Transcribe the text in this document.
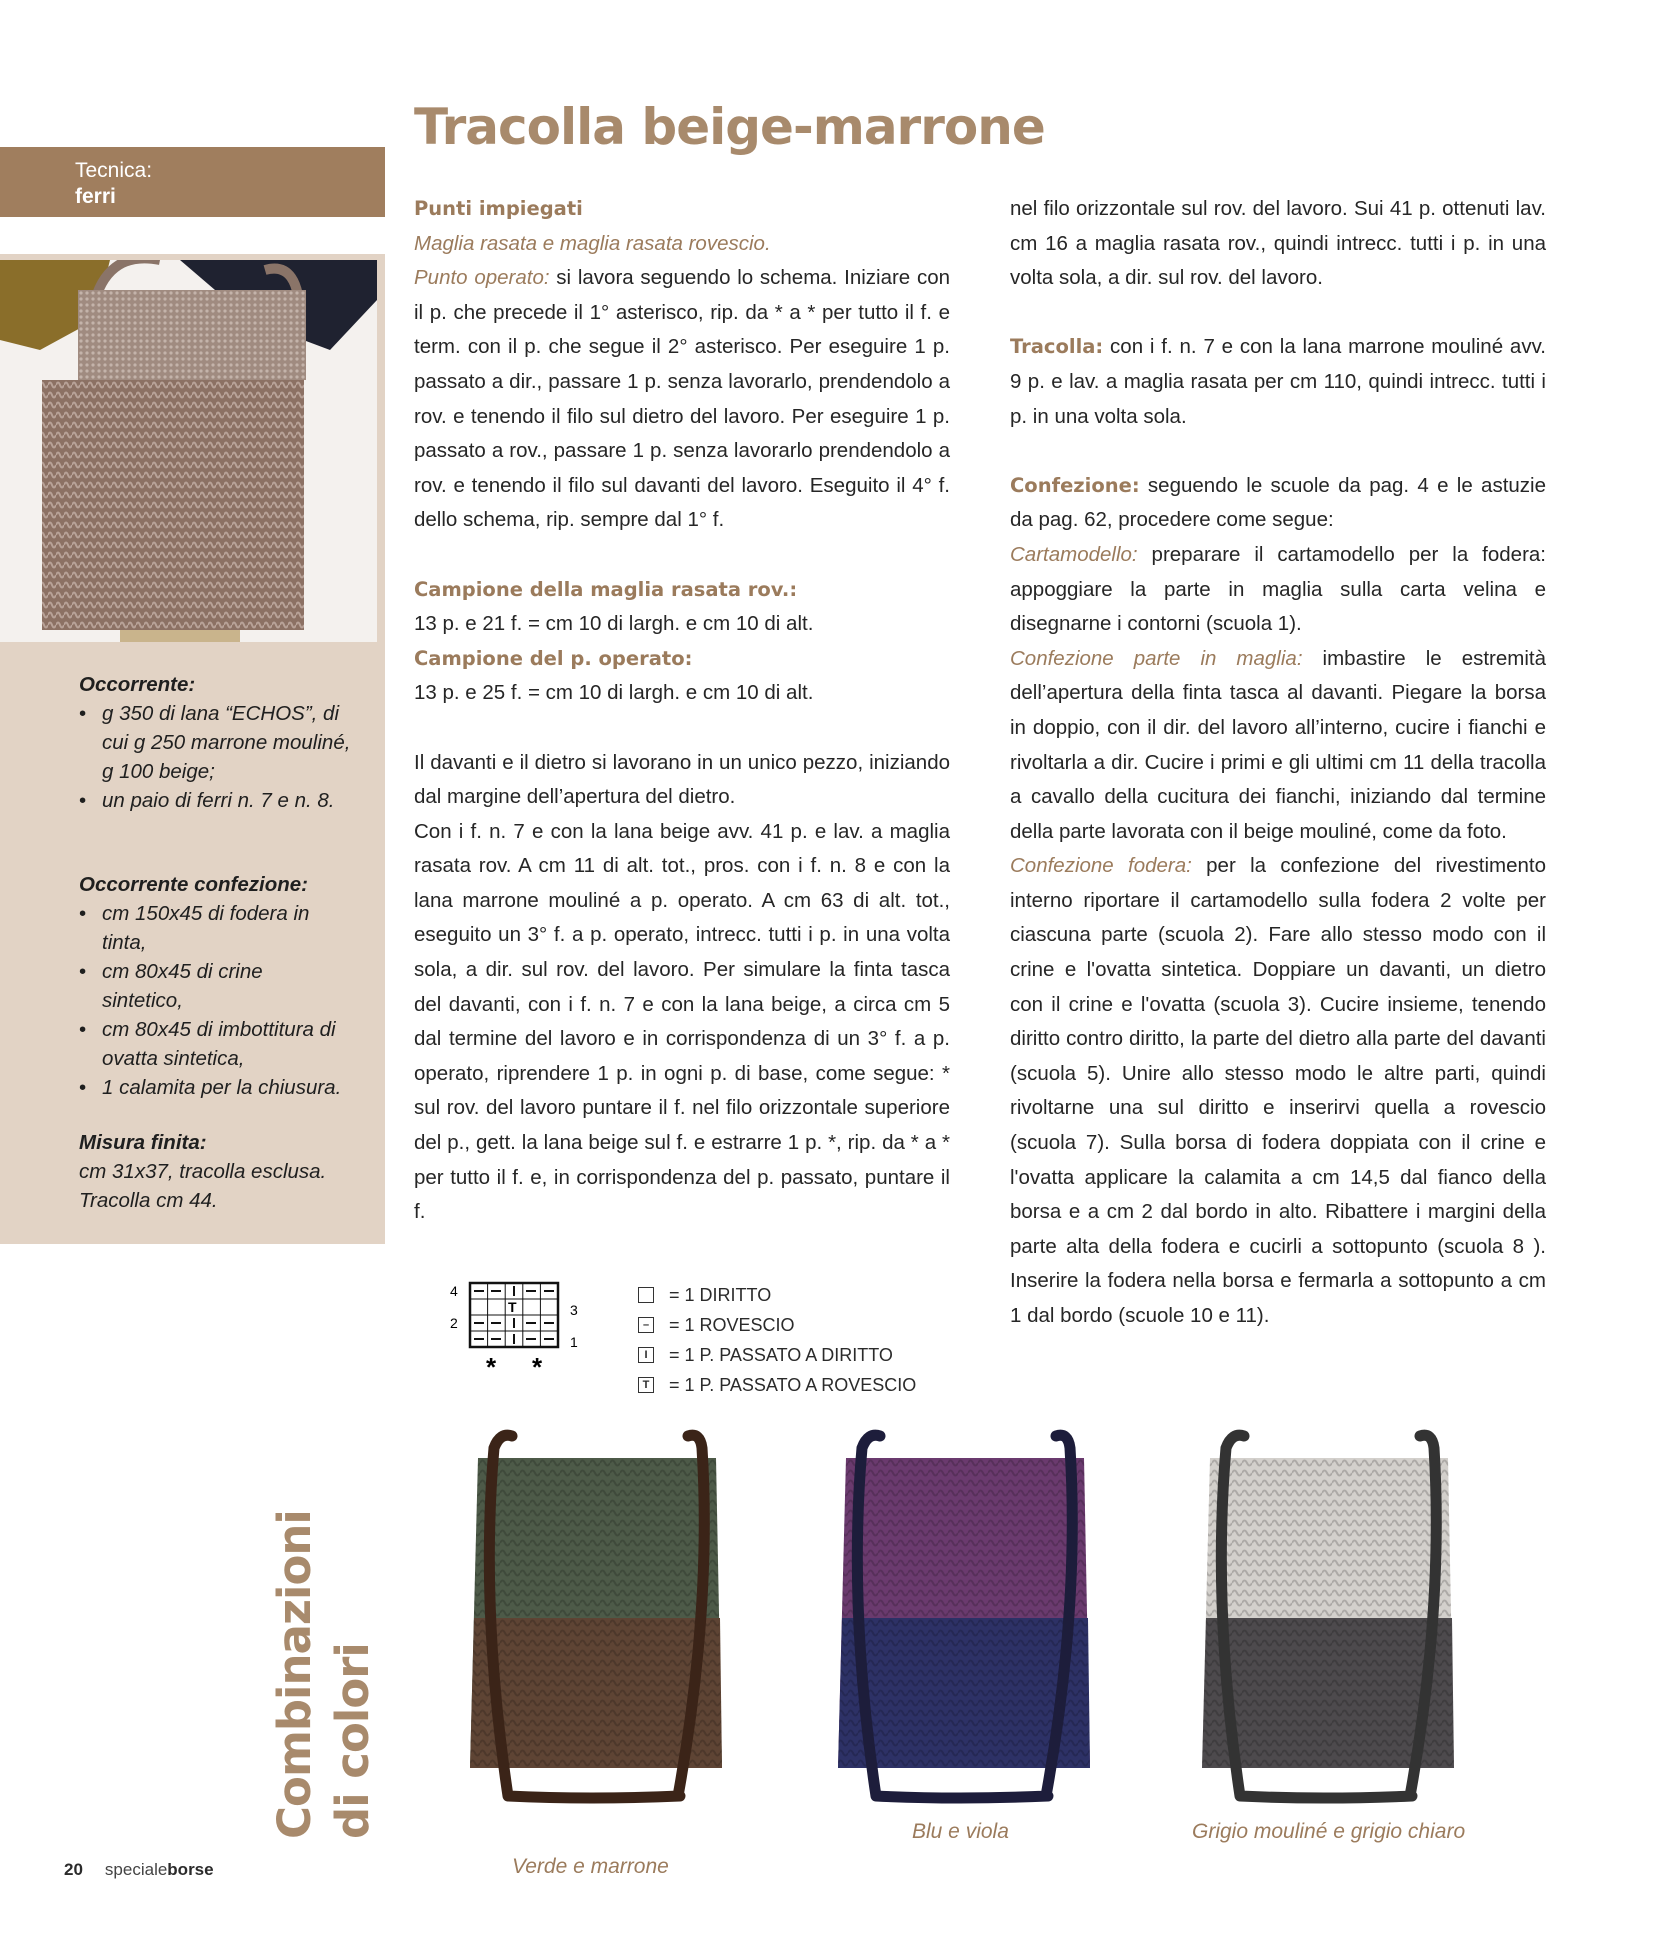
Tracolla beige-marrone
Tecnica:
ferri
Occorrente:
• g 350 di lana “ECHOS”, di cui g 250 marrone mouliné, g 100 beige;
• un paio di ferri n. 7 e n. 8.
Occorrente confezione:
• cm 150x45 di fodera in tinta,
• cm 80x45 di crine sintetico,
• cm 80x45 di imbottitura di ovatta sintetica,
• 1 calamita per la chiusura.
Misura finita:

cm 31x37, tracolla esclusa. Tracolla cm 44.

Punti impiegati

Maglia rasata e maglia rasata rovescio.

Punto operato: si lavora seguendo lo schema. Iniziare con il p. che precede il 1° asterisco, rip. da * a * per tutto il f. e term. con il p. che segue il 2° asterisco. Per eseguire 1 p. passato a dir., passare 1 p. senza lavorarlo, prendendolo a rov. e tenendo il filo sul dietro del lavoro. Per eseguire 1 p. passato a rov., passare 1 p. senza lavorarlo prendendolo a rov. e tenendo il filo sul davanti del lavoro. Eseguito il 4° f. dello schema, rip. sempre dal 1° f.

Campione della maglia rasata rov.:

13 p. e 21 f. = cm 10 di largh. e cm 10 di alt.

Campione del p. operato:

13 p. e 25 f. = cm 10 di largh. e cm 10 di alt.

Il davanti e il dietro si lavorano in un unico pezzo, iniziando dal margine dell’apertura del dietro.

Con i f. n. 7 e con la lana beige avv. 41 p. e lav. a maglia rasata rov. A cm 11 di alt. tot., pros. con i f. n. 8 e con la lana marrone mouliné a p. operato. A cm 63 di alt. tot., eseguito un 3° f. a p. operato, intrecc. tutti i p. in una volta sola, a dir. sul rov. del lavoro. Per simulare la finta tasca del davanti, con i f. n. 7 e con la lana beige, a circa cm 5 dal termine del lavoro e in corrispondenza di un 3° f. a p. operato, riprendere 1 p. in ogni p. di base, come segue: * sul rov. del lavoro puntare il f. nel filo orizzontale superiore del p., gett. la lana beige sul f. e estrarre 1 p. *, rip. da * a * per tutto il f. e, in corrispondenza del p. passato, puntare il f.

4
2
3
1
T
* *
= 1 DIRITTO
– = 1 ROVESCIO
I	= 1 P. PASSATO A DIRITTO
T = 1 P. PASSATO A ROVESCIO

nel filo orizzontale sul rov. del lavoro. Sui 41 p. ottenuti lav. cm 16 a maglia rasata rov., quindi intrecc. tutti i p. in una volta sola, a dir. sul rov. del lavoro.

Tracolla: con i f. n. 7 e con la lana marrone mouliné avv. 9 p. e lav. a maglia rasata per cm 110, quindi intrecc. tutti i p. in una volta sola.

Confezione: seguendo le scuole da pag. 4 e le astuzie da pag. 62, procedere come segue:

Cartamodello: preparare il cartamodello per la fodera: appoggiare la parte in maglia sulla carta velina e disegnarne i contorni (scuola 1).

Confezione parte in maglia: imbastire le estremità dell’apertura della finta tasca al davanti. Piegare la borsa in doppio, con il dir. del lavoro all’interno, cucire i fianchi e rivoltarla a dir. Cucire i primi e gli ultimi cm 11 della tracolla a cavallo della cucitura dei fianchi, iniziando dal termine della parte lavorata con il beige mouliné, come da foto.

Confezione fodera: per la confezione del rivestimento interno riportare il cartamodello sulla fodera 2 volte per ciascuna parte (scuola 2). Fare allo stesso modo con il crine e l'ovatta sintetica. Doppiare un davanti, un dietro con il crine e l'ovatta (scuola 3). Cucire insieme, tenendo diritto contro diritto, la parte del dietro alla parte del davanti (scuola 5). Unire allo stesso modo le altre parti, quindi rivoltarne una sul diritto e inserirvi quella a rovescio (scuola 7). Sulla borsa di fodera doppiata con il crine e l'ovatta applicare la calamita a cm 14,5 dal fianco della borsa e a cm 2 dal bordo in alto. Ribattere i margini della parte alta della fodera e cucirli a sottopunto (scuola 8 ). Inserire la fodera nella borsa e fermarla a sottopunto a cm 1 dal bordo (scuole 10 e 11).

Combinazioni di colori
Verde e marrone
Blu e viola	Grigio mouliné e grigio chiaro
20 specialeborse
